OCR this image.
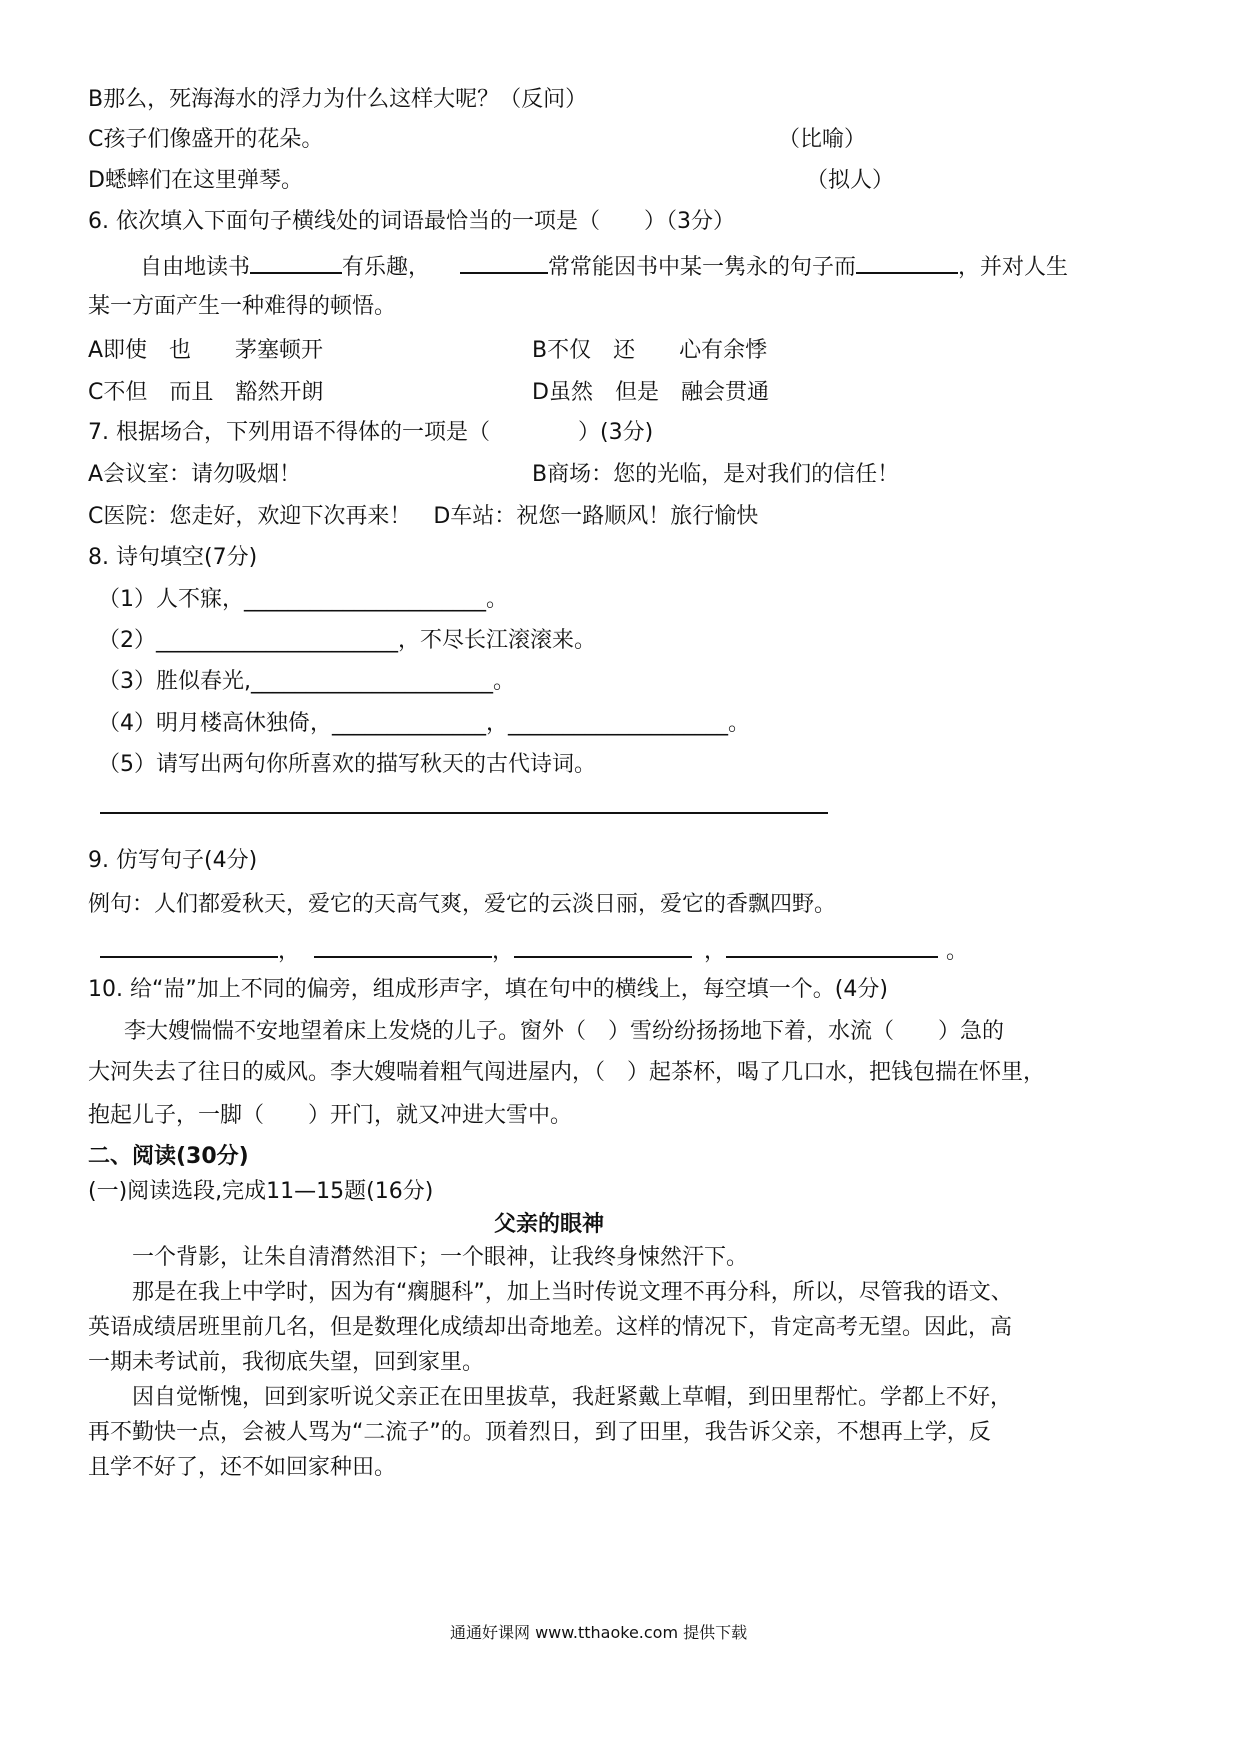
B那么，死海海水的浮力为什么这样大呢？（反问）
C孩子们像盛开的花朵。	（比喻）
D蟋蟀们在这里弹琴。	（拟人）
6. 依次填入下面句子横线处的词语最恰当的一项是（　　）（3分）
自由地读书	有乐趣，	常常能因书中某一隽永的句子而	，并对人生
某一方面产生一种难得的顿悟。
A即使　也　　茅塞顿开	B不仅　还　　心有余悸
C不但　而且　豁然开朗	D虽然　但是　融会贯通
7. 根据场合，下列用语不得体的一项是（　　　　）(3分)
A会议室：请勿吸烟！	B商场：您的光临，是对我们的信任！
C医院：您走好，欢迎下次再来！　D车站：祝您一路顺风！旅行愉快
8. 诗句填空(7分)
（1）人不寐，______________________。
（2）______________________，不尽长江滚滚来。
（3）胜似春光,______________________。
（4）明月楼高休独倚，______________，____________________。
（5）请写出两句你所喜欢的描写秋天的古代诗词。
9. 仿写句子(4分)
例句：人们都爱秋天，爱它的天高气爽，爱它的云淡日丽，爱它的香飘四野。
，	，	，	。
10. 给“耑”加上不同的偏旁，组成形声字，填在句中的横线上，每空填一个。(4分)
李大嫂惴惴不安地望着床上发烧的儿子。窗外（　）雪纷纷扬扬地下着，水流（　　）急的
大河失去了往日的威风。李大嫂喘着粗气闯进屋内，（　）起茶杯，喝了几口水，把钱包揣在怀里，
抱起儿子，一脚（　　）开门，就又冲进大雪中。
二、阅读(30分)
(一)阅读选段,完成11—15题(16分)
父亲的眼神
一个背影，让朱自清潸然泪下；一个眼神，让我终身悚然汗下。
那是在我上中学时，因为有“瘸腿科”，加上当时传说文理不再分科，所以，尽管我的语文、
英语成绩居班里前几名，但是数理化成绩却出奇地差。这样的情况下，肯定高考无望。因此，高
一期未考试前，我彻底失望，回到家里。
因自觉惭愧，回到家听说父亲正在田里拔草，我赶紧戴上草帽，到田里帮忙。学都上不好，
再不勤快一点，会被人骂为“二流子”的。顶着烈日，到了田里，我告诉父亲，不想再上学，反
且学不好了，还不如回家种田。
通通好课网 www.tthaoke.com 提供下载
